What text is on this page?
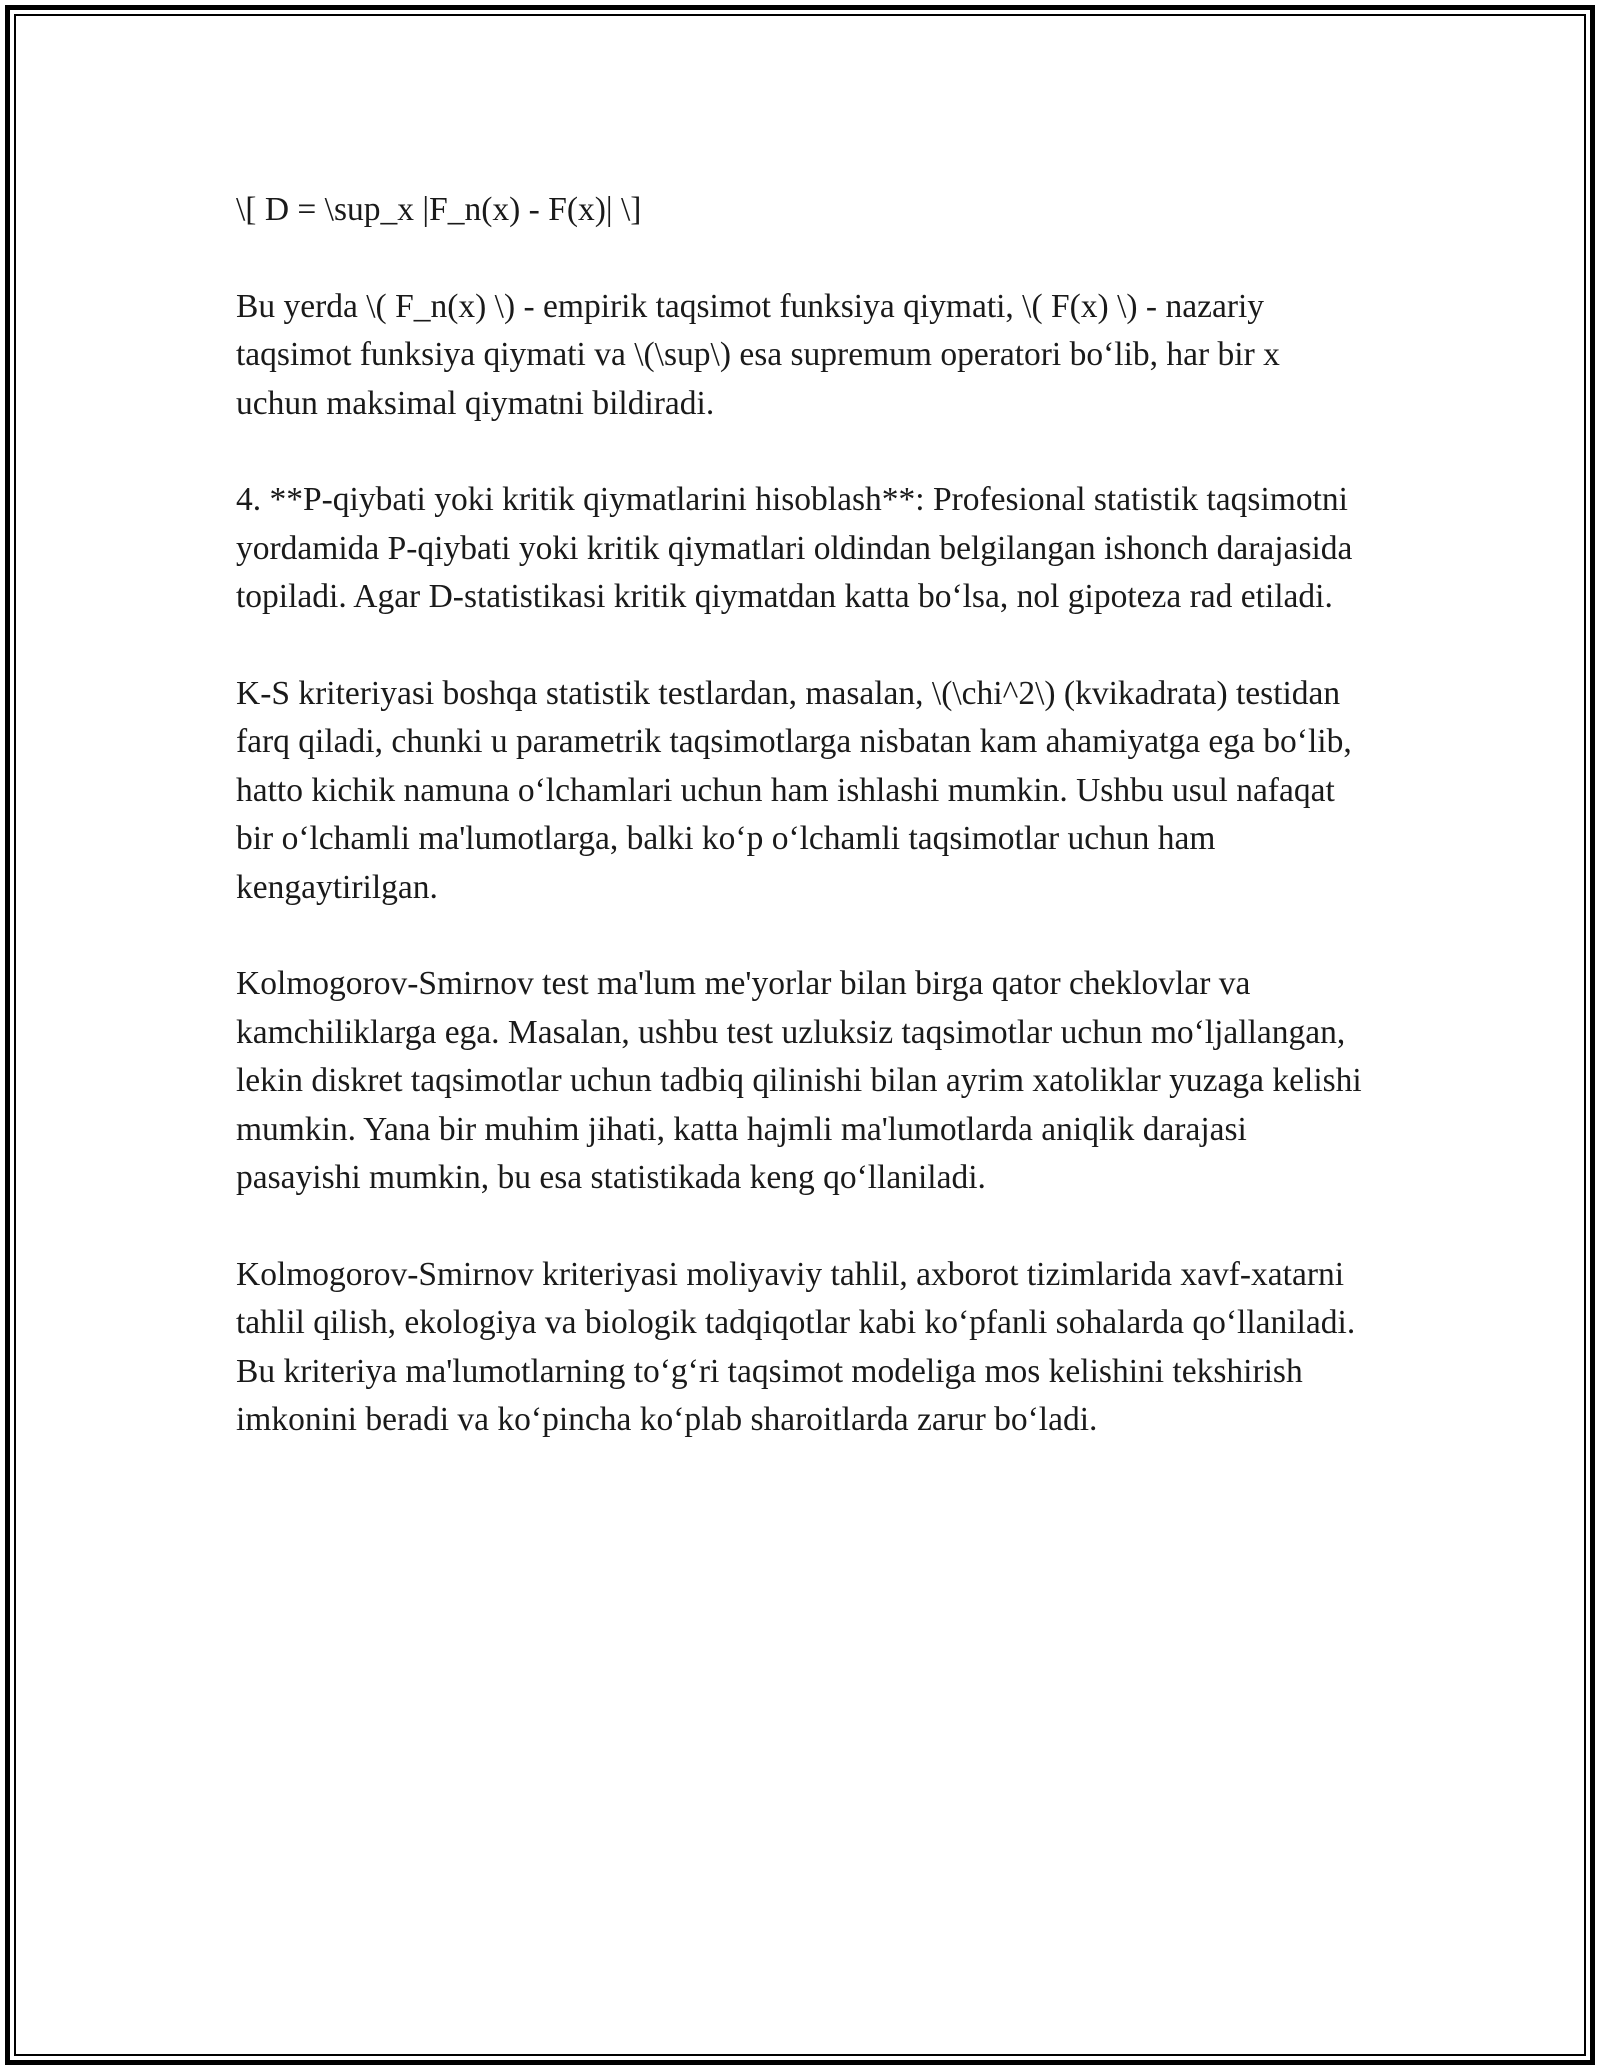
\[ D = \sup_x |F_n(x) - F(x)| \]

Bu yerda \( F_n(x) \) - empirik taqsimot funksiya qiymati, \( F(x) \) - nazariy taqsimot funksiya qiymati va \(\sup\) esa supremum operatori bo‘lib, har bir x uchun maksimal qiymatni bildiradi.

4. **P-qiybati yoki kritik qiymatlarini hisoblash**: Profesional statistik taqsimotni yordamida P-qiybati yoki kritik qiymatlari oldindan belgilangan ishonch darajasida topiladi. Agar D-statistikasi kritik qiymatdan katta bo‘lsa, nol gipoteza rad etiladi.

K-S kriteriyasi boshqa statistik testlardan, masalan, \(\chi^2\) (kvikadrata) testidan farq qiladi, chunki u parametrik taqsimotlarga nisbatan kam ahamiyatga ega bo‘lib, hatto kichik namuna o‘lchamlari uchun ham ishlashi mumkin. Ushbu usul nafaqat bir o‘lchamli ma'lumotlarga, balki ko‘p o‘lchamli taqsimotlar uchun ham kengaytirilgan.

Kolmogorov-Smirnov test ma'lum me'yorlar bilan birga qator cheklovlar va kamchiliklarga ega. Masalan, ushbu test uzluksiz taqsimotlar uchun mo‘ljallangan, lekin diskret taqsimotlar uchun tadbiq qilinishi bilan ayrim xatoliklar yuzaga kelishi mumkin. Yana bir muhim jihati, katta hajmli ma'lumotlarda aniqlik darajasi pasayishi mumkin, bu esa statistikada keng qo‘llaniladi.

Kolmogorov-Smirnov kriteriyasi moliyaviy tahlil, axborot tizimlarida xavf-xatarni tahlil qilish, ekologiya va biologik tadqiqotlar kabi ko‘pfanli sohalarda qo‘llaniladi. Bu kriteriya ma'lumotlarning to‘g‘ri taqsimot modeliga mos kelishini tekshirish imkonini beradi va ko‘pincha ko‘plab sharoitlarda zarur bo‘ladi.
